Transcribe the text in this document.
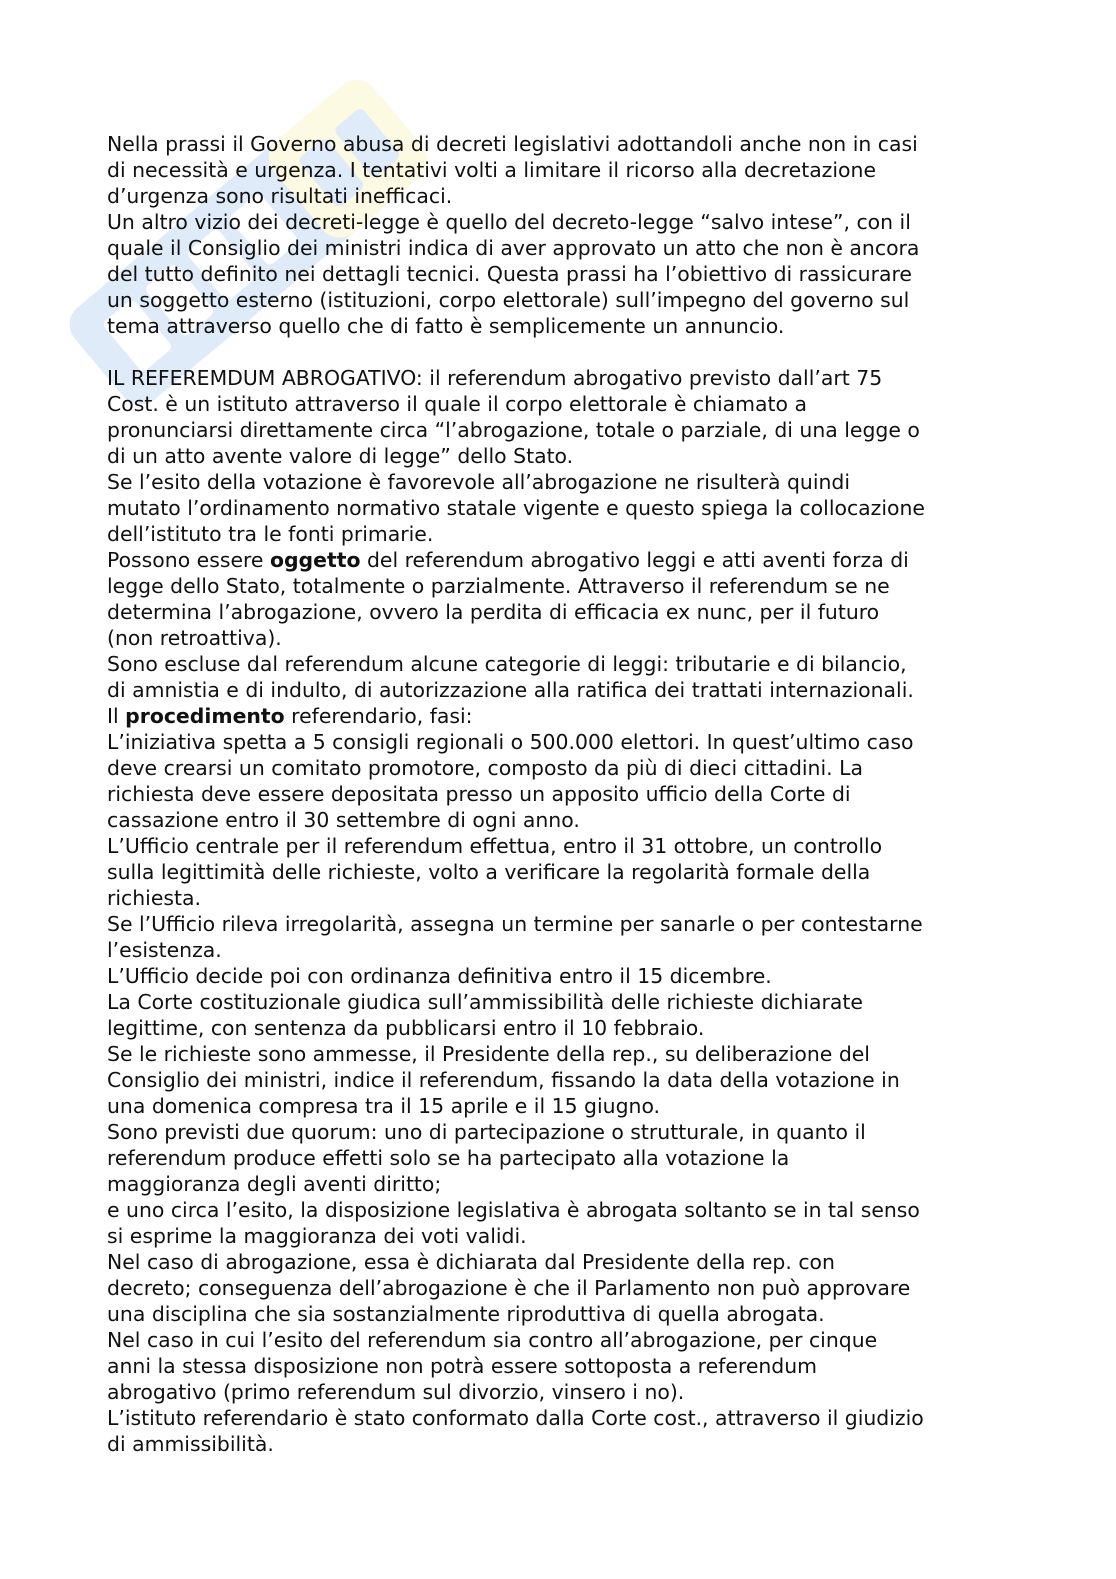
Nella prassi il Governo abusa di decreti legislativi adottandoli anche non in casi
di necessità e urgenza. I tentativi volti a limitare il ricorso alla decretazione
d’urgenza sono risultati inefficaci.
Un altro vizio dei decreti-legge è quello del decreto-legge “salvo intese”, con il
quale il Consiglio dei ministri indica di aver approvato un atto che non è ancora
del tutto definito nei dettagli tecnici. Questa prassi ha l’obiettivo di rassicurare
un soggetto esterno (istituzioni, corpo elettorale) sull’impegno del governo sul
tema attraverso quello che di fatto è semplicemente un annuncio.
IL REFEREMDUM ABROGATIVO: il referendum abrogativo previsto dall’art 75
Cost. è un istituto attraverso il quale il corpo elettorale è chiamato a
pronunciarsi direttamente circa “l’abrogazione, totale o parziale, di una legge o
di un atto avente valore di legge” dello Stato.
Se l’esito della votazione è favorevole all’abrogazione ne risulterà quindi
mutato l’ordinamento normativo statale vigente e questo spiega la collocazione
dell’istituto tra le fonti primarie.
Possono essere oggetto del referendum abrogativo leggi e atti aventi forza di
legge dello Stato, totalmente o parzialmente. Attraverso il referendum se ne
determina l’abrogazione, ovvero la perdita di efficacia ex nunc, per il futuro
(non retroattiva).
Sono escluse dal referendum alcune categorie di leggi: tributarie e di bilancio,
di amnistia e di indulto, di autorizzazione alla ratifica dei trattati internazionali.
Il procedimento referendario, fasi:
L’iniziativa spetta a 5 consigli regionali o 500.000 elettori. In quest’ultimo caso
deve crearsi un comitato promotore, composto da più di dieci cittadini. La
richiesta deve essere depositata presso un apposito ufficio della Corte di
cassazione entro il 30 settembre di ogni anno.
L’Ufficio centrale per il referendum effettua, entro il 31 ottobre, un controllo
sulla legittimità delle richieste, volto a verificare la regolarità formale della
richiesta.
Se l’Ufficio rileva irregolarità, assegna un termine per sanarle o per contestarne
l’esistenza.
L’Ufficio decide poi con ordinanza definitiva entro il 15 dicembre.
La Corte costituzionale giudica sull’ammissibilità delle richieste dichiarate
legittime, con sentenza da pubblicarsi entro il 10 febbraio.
Se le richieste sono ammesse, il Presidente della rep., su deliberazione del
Consiglio dei ministri, indice il referendum, fissando la data della votazione in
una domenica compresa tra il 15 aprile e il 15 giugno.
Sono previsti due quorum: uno di partecipazione o strutturale, in quanto il
referendum produce effetti solo se ha partecipato alla votazione la
maggioranza degli aventi diritto;
e uno circa l’esito, la disposizione legislativa è abrogata soltanto se in tal senso
si esprime la maggioranza dei voti validi.
Nel caso di abrogazione, essa è dichiarata dal Presidente della rep. con
decreto; conseguenza dell’abrogazione è che il Parlamento non può approvare
una disciplina che sia sostanzialmente riproduttiva di quella abrogata.
Nel caso in cui l’esito del referendum sia contro all’abrogazione, per cinque
anni la stessa disposizione non potrà essere sottoposta a referendum
abrogativo (primo referendum sul divorzio, vinsero i no).
L’istituto referendario è stato conformato dalla Corte cost., attraverso il giudizio
di ammissibilità.
